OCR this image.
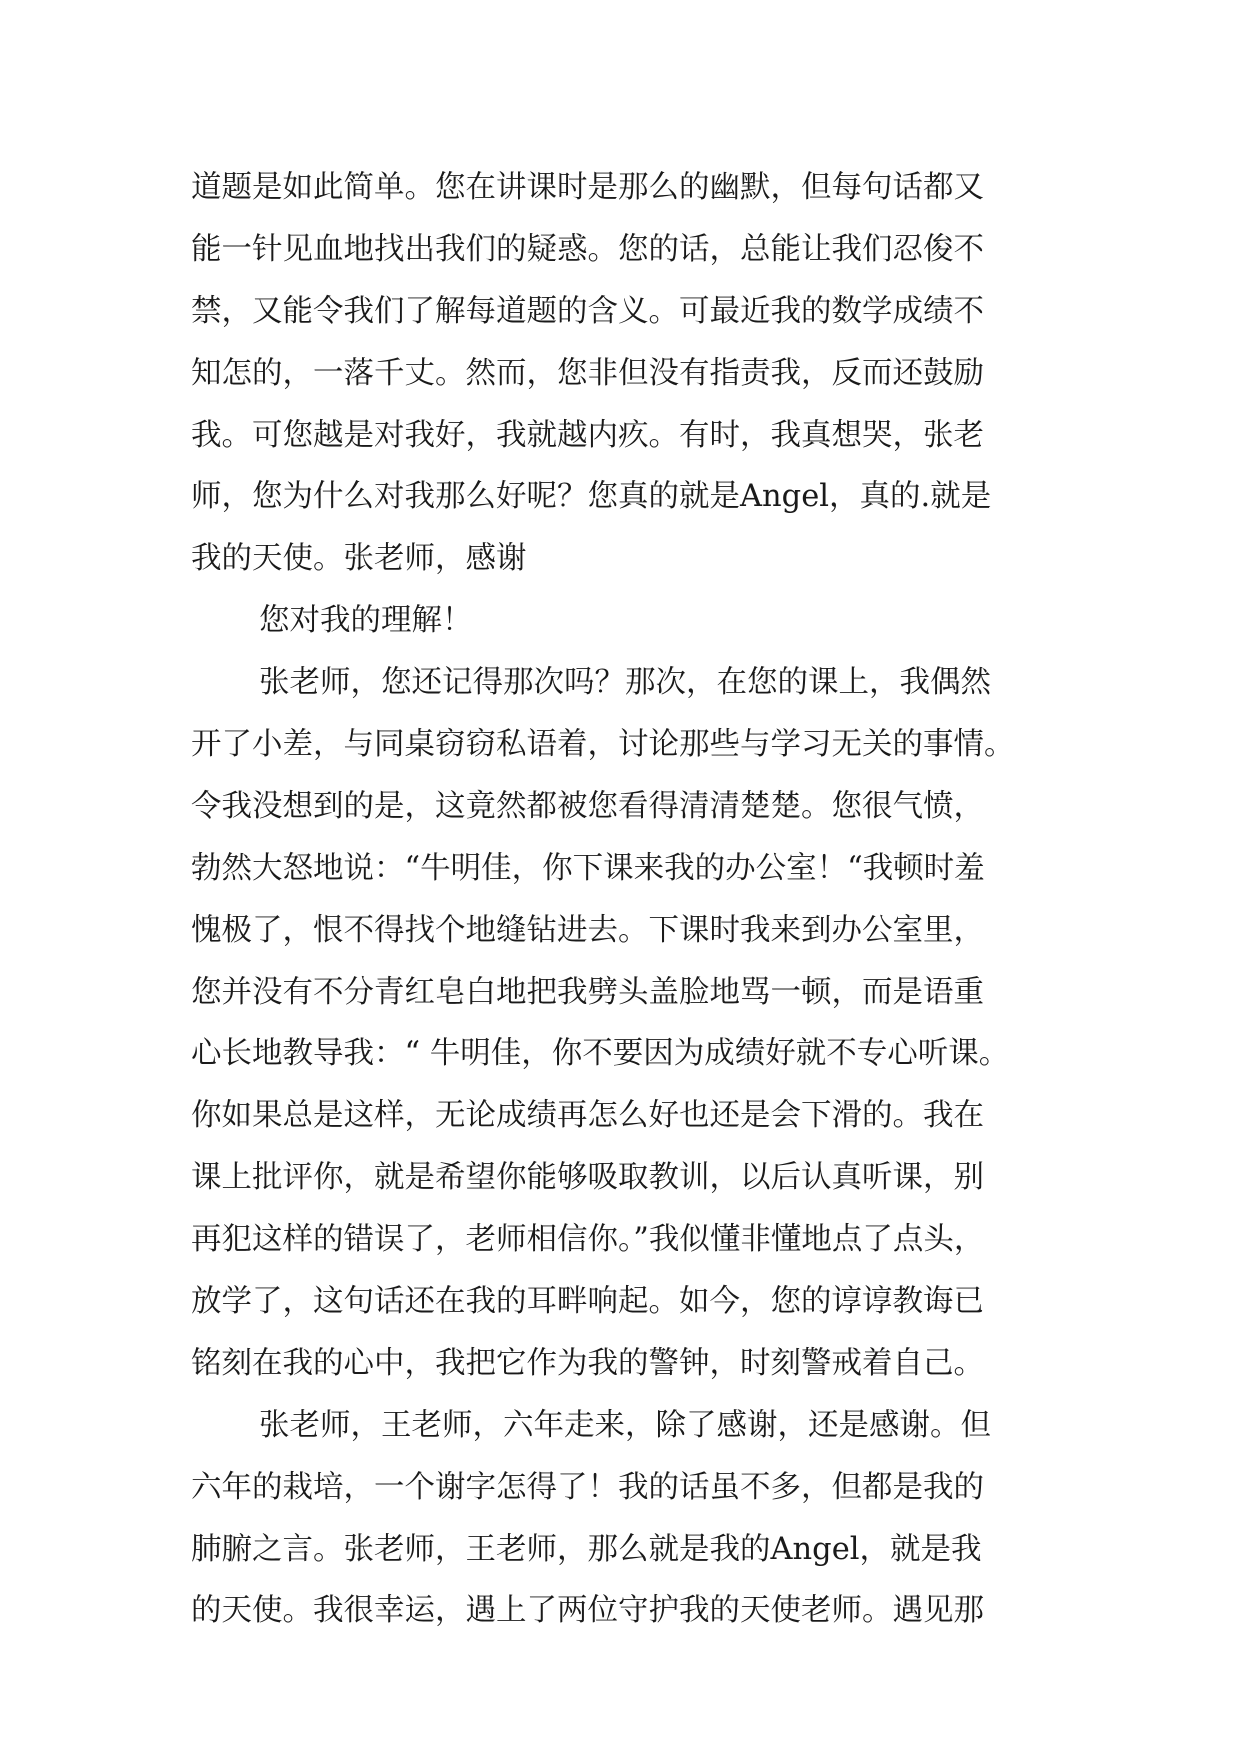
道题是如此简单。您在讲课时是那么的幽默，但每句话都又
能一针见血地找出我们的疑惑。您的话，总能让我们忍俊不
禁，又能令我们了解每道题的含义。可最近我的数学成绩不
知怎的，一落千丈。然而，您非但没有指责我，反而还鼓励
我。可您越是对我好，我就越内疚。有时，我真想哭，张老
师，您为什么对我那么好呢？您真的就是Angel，真的.就是
我的天使。张老师，感谢
您对我的理解！
张老师，您还记得那次吗？那次，在您的课上，我偶然
开了小差，与同桌窃窃私语着，讨论那些与学习无关的事情。
令我没想到的是，这竟然都被您看得清清楚楚。您很气愤，
勃然大怒地说：“牛明佳，你下课来我的办公室！“我顿时羞
愧极了，恨不得找个地缝钻进去。下课时我来到办公室里，
您并没有不分青红皂白地把我劈头盖脸地骂一顿，而是语重
心长地教导我：“ 牛明佳，你不要因为成绩好就不专心听课。
你如果总是这样，无论成绩再怎么好也还是会下滑的。我在
课上批评你，就是希望你能够吸取教训，以后认真听课，别
再犯这样的错误了，老师相信你。”我似懂非懂地点了点头，
放学了，这句话还在我的耳畔响起。如今，您的谆谆教诲已
铭刻在我的心中，我把它作为我的警钟，时刻警戒着自己。
张老师，王老师，六年走来，除了感谢，还是感谢。但
六年的栽培，一个谢字怎得了！我的话虽不多，但都是我的
肺腑之言。张老师，王老师，那么就是我的Angel，就是我
的天使。我很幸运，遇上了两位守护我的天使老师。遇见那
